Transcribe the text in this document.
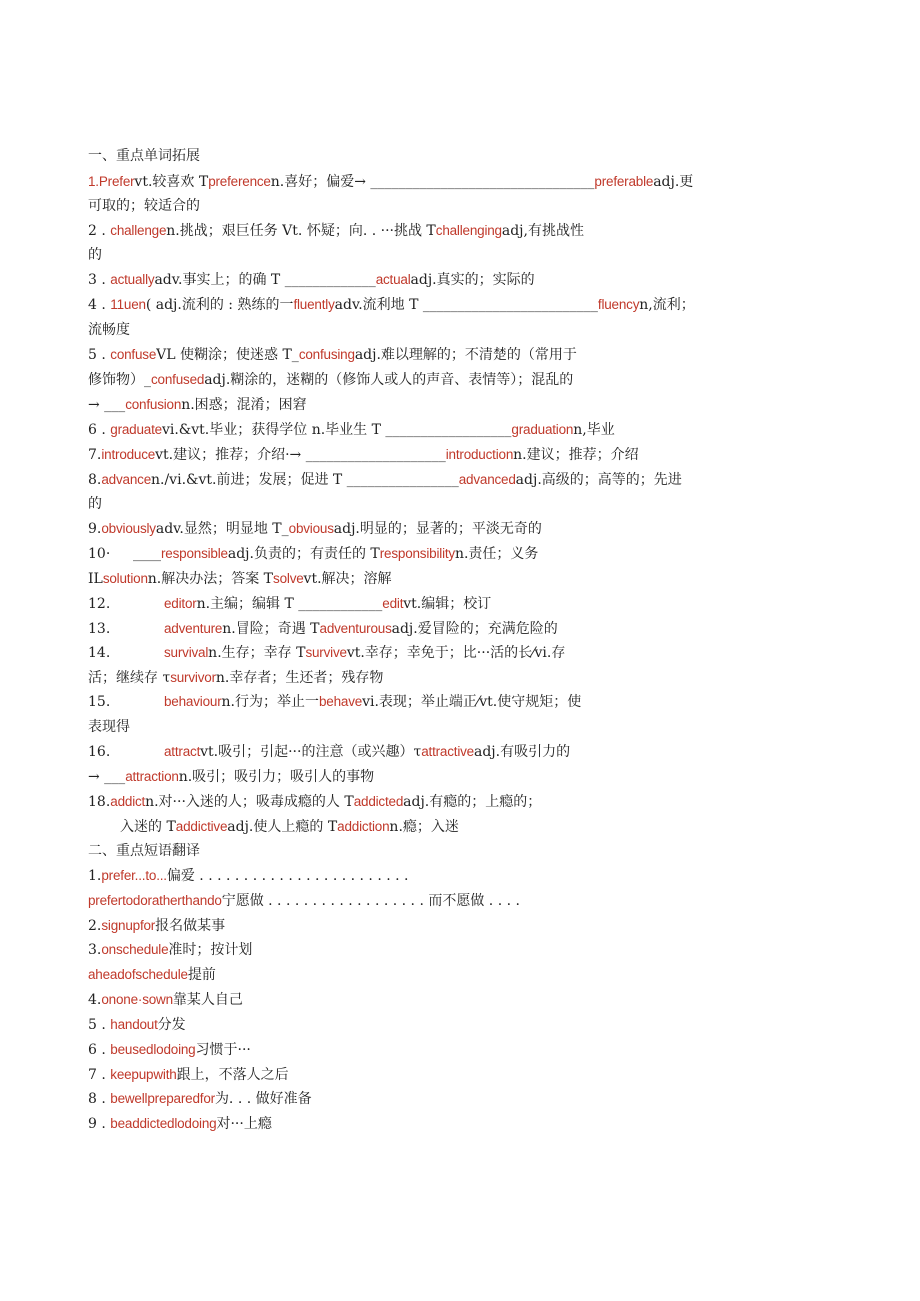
一、重点单词拓展
1.Prefervt.较喜欢 Tpreferencen.喜好；偏爱→ ________________________________preferableadj.更
可取的；较适合的
2 . challengen.挑战；艰巨任务 Vt. 怀疑；向. . ···挑战 Tchallengingadj,有挑战性
的
3 . actuallyadv.事实上；的确 T _____________actualadj.真实的；实际的
4 . 11uen( adj.流利的 : 熟练的一fluentlyadv.流利地 T _________________________fluencyn,流利；
流畅度
5 . confuseVL 使糊涂；使迷惑 T_confusingadj.难以理解的；不清楚的（常用于
修饰物）_confusedadj.糊涂的，迷糊的（修饰人或人的声音、表情等）；混乱的
→ ___confusionn.困惑；混淆；困窘
6 . graduatevi.&vt.毕业；获得学位 n.毕业生 T __________________graduationn,毕业
7.introducevt.建议；推荐；介绍·→ ____________________introductionn.建议；推荐；介绍
8.advancen./vi.&vt.前进；发展；促进 T ________________advancedadj.高级的；高等的；先进
的
9.obviouslyadv.显然；明显地 T_obviousadj.明显的；显著的；平淡无奇的
10· ____responsibleadj.负责的；有责任的 Tresponsibilityn.责任；义务
ILsolutionn.解决办法；答案 Tsolvevt.解决；溶解
12.	editorn.主编；编辑 T ____________editvt.编辑；校订
13.	adventuren.冒险；奇遇 Tadventurousadj.爱冒险的；充满危险的
14.	survivaln.生存；幸存 Tsurvivevt.幸存；幸免于；比···活的长⁄vi.存
活；继续存 τsurvivorn.幸存者；生还者；残存物
15.	behaviourn.行为；举止一behavevi.表现；举止端正⁄vt.使守规矩；使
表现得
16.	attractvt.吸引；引起···的注意（或兴趣）τattractiveadj.有吸引力的
→ ___attractionn.吸引；吸引力；吸引人的事物
18.addictn.对···入迷的人；吸毒成瘾的人 Taddictedadj.有瘾的；上瘾的；
入迷的 Taddictiveadj.使人上瘾的 Taddictionn.瘾；入迷
二、重点短语翻译
1.prefer...to...偏爱 . . . . . . . . . . . . . . . . . . . . . . . .
prefertodoratherthando宁愿做 . . . . . . . . . . . . . . . . . . 而不愿做 . . . .
2.signupfor报名做某事
3.onschedule准时；按计划
aheadofschedule提前
4.onone·sown靠某人自己
5 . handout分发
6 . beusedlodoing习惯于···
7 . keepupwith跟上，不落人之后
8 . bewellpreparedfor为. . . 做好准备
9 . beaddictedlodoing对···上瘾
